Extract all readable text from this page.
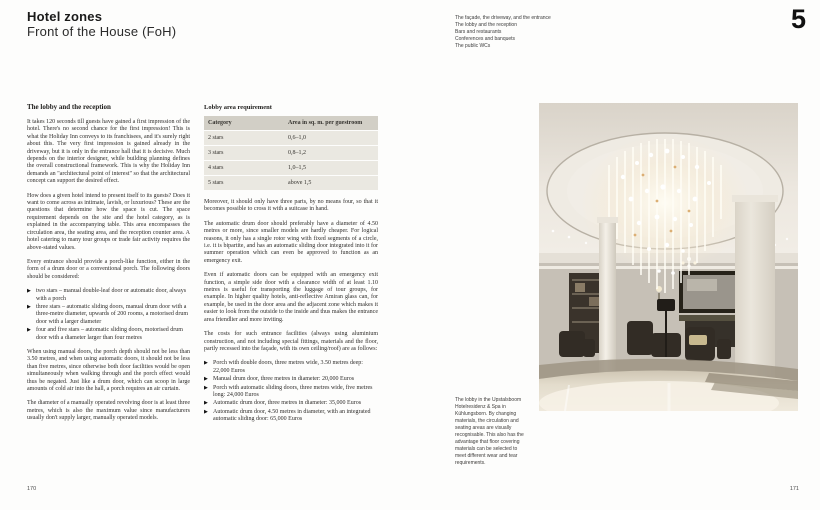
Hotel zones
Front of the House (FoH)
The façade, the driveway, and the entrance
The lobby and the reception
Bars and restaurants
Conferences and banquets
The public WCs
5
The lobby and the reception

It takes 120 seconds till guests have gained a first impression of the hotel. There's no second chance for the first impression! This is what the Holiday Inn conveys to its franchisees, and it's surely right about this. The very first impression is gained already in the driveway, but it is only in the entrance hall that it is decisive. Much depends on the interior designer, while building planning defines the overall constructional framework. This is why the Holiday Inn demands an "architectural point of interest" so that the architectural concept can support the desired effect.

How does a given hotel intend to present itself to its guests? Does it want to come across as intimate, lavish, or luxurious? These are the questions that determine how the space is cut. The space requirement depends on the site and the hotel category, as is explained in the accompanying table. This area encompasses the circulation area, the seating area, and the reception counter area. A hotel catering to many tour groups or trade fair activity requires the above-stated values.

Every entrance should provide a porch-like function, either in the form of a drum door or a conventional porch. The following doors should be considered:

▶ two stars – manual double-leaf door or automatic door, always with a porch
▶ three stars – automatic sliding doors, manual drum door with a three-metre diameter, upwards of 200 rooms, a motorised drum door with a larger diameter
▶ four and five stars – automatic sliding doors, motorised drum door with a diameter larger than four metres

When using manual doors, the porch depth should not be less than 3.50 metres, and when using automatic doors, it should not be less than five metres, since otherwise both door facilities would be open simultaneously when walking through and the porch effect would thus be negated. Just like a drum door, which can scoop in large amounts of cold air into the hall, a porch requires an air curtain.

The diameter of a manually operated revolving door is at least three metres, which is also the maximum value since manufacturers usually don't supply larger, manually operated models.

Lobby area requirement
Category	Area in sq. m. per guestroom
2 stars	0,6–1,0
3 stars	0,8–1,2
4 stars	1,0–1,5
5 stars	above 1,5

Moreover, it should only have three parts, by no means four, so that it becomes possible to cross it with a suitcase in hand.

The automatic drum door should preferably have a diameter of 4.50 metres or more, since smaller models are hardly cheaper. For logical reasons, it only has a single rotor wing with fixed segments of a circle, i.e. it is bipartite, and has an automatic sliding door integrated into it for summer operation which can even be approved to function as an emergency exit.

Even if automatic doors can be equipped with an emergency exit function, a simple side door with a clearance width of at least 1.10 metres is useful for transporting the luggage of tour groups, for example. In higher quality hotels, anti-reflective Amiran glass can, for example, be used in the door area and the adjacent zone which makes it easier to look from the outside to the inside and thus makes the entrance area friendlier and more inviting.

The costs for such entrance facilities (always using aluminium construction, and not including special fittings, materials and the floor, partly recessed into the façade, with its own ceiling/roof) are as follows:

▶ Porch with double doors, three metres wide, 3.50 metres deep: 22,000 Euros
▶ Manual drum door, three metres in diameter: 20,000 Euros
▶ Porch with automatic sliding doors, three metres wide, five metres long: 24,000 Euros
▶ Automatic drum door, three metres in diameter: 35,000 Euros
▶ Automatic drum door, 4.50 metres in diameter, with an integrated automatic sliding door: 65,000 Euros
The lobby in the Upstalsboom Hotelresidenz & Spa in Kühlungsborn. By changing materials, the circulation and seating areas are visually recognisable. This also has the advantage that floor covering materials can be selected to meet different wear and tear requirements.
170	171
